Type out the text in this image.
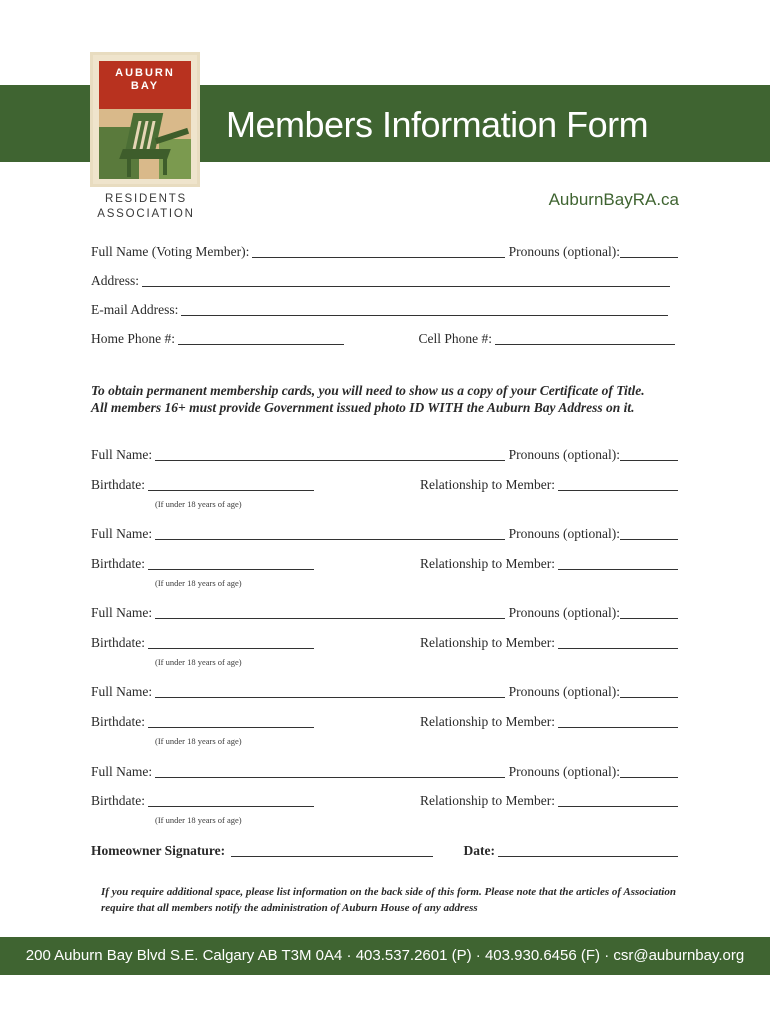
AUBURN BAY
Members Information Form
RESIDENTS
ASSOCIATION
AuburnBayRA.ca
Full Name (Voting Member):	Pronouns (optional):
Address:
E-mail Address:
Home Phone #:	Cell Phone #:
To obtain permanent membership cards, you will need to show us a copy of your Certificate of Title.
All members 16+ must provide Government issued photo ID WITH the Auburn Bay Address on it.
Full Name:	Pronouns (optional):
Birthdate:	Relationship to Member:
(If under 18 years of age)
Full Name:	Pronouns (optional):
Birthdate:	Relationship to Member:
(If under 18 years of age)
Full Name:	Pronouns (optional):
Birthdate:	Relationship to Member:
(If under 18 years of age)
Full Name:	Pronouns (optional):
Birthdate:	Relationship to Member:
(If under 18 years of age)
Full Name:	Pronouns (optional):
Birthdate:	Relationship to Member:
(If under 18 years of age)
Homeowner Signature:	Date:
If you require additional space, please list information on the back side of this form. Please note that the articles of Association require that all members notify the administration of Auburn House of any address
200 Auburn Bay Blvd S.E. Calgary AB T3M 0A4 · 403.537.2601 (P) · 403.930.6456 (F) · csr@auburnbay.org
